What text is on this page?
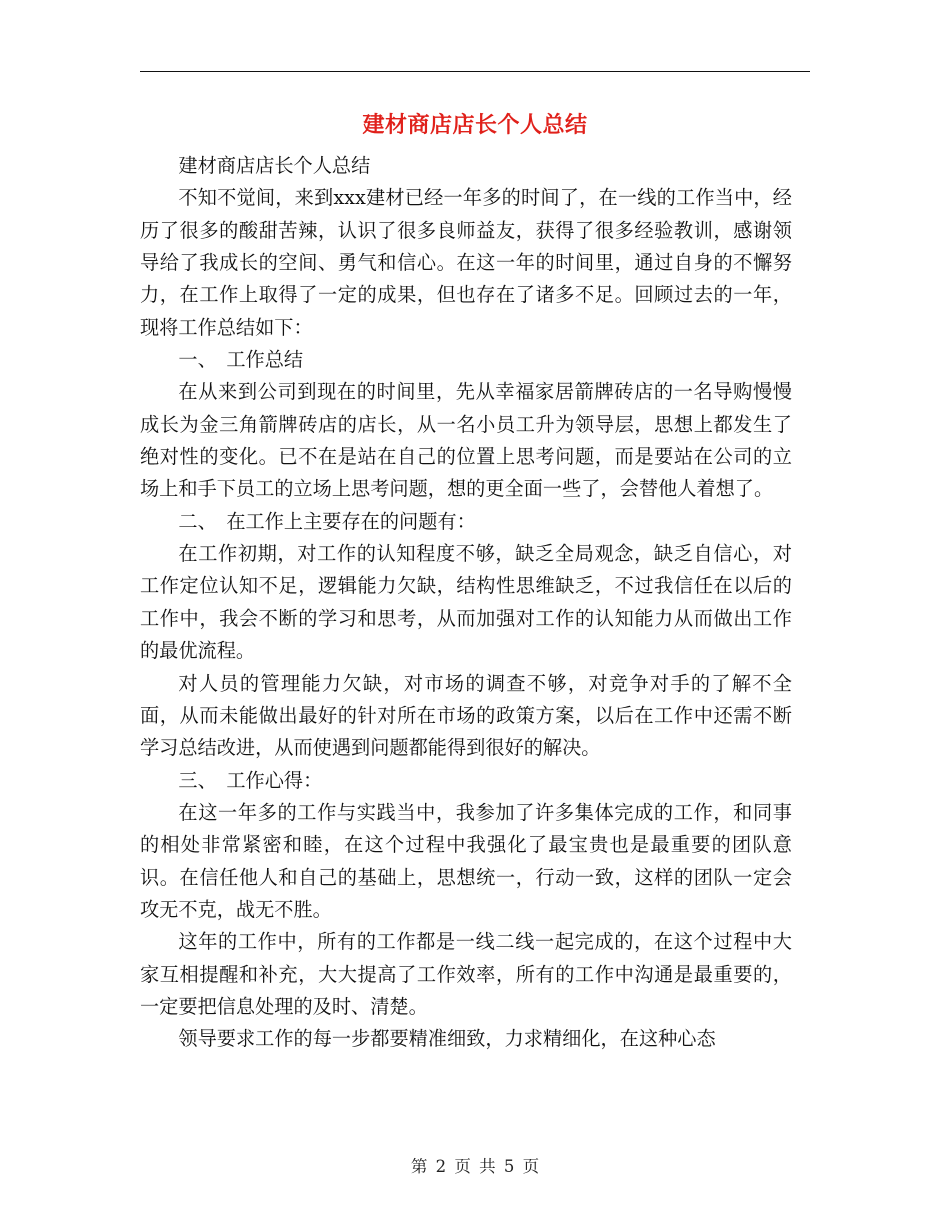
建材商店店长个人总结

建材商店店长个人总结

不知不觉间，来到xxx建材已经一年多的时间了，在一线的工作当中，经历了很多的酸甜苦辣，认识了很多良师益友，获得了很多经验教训，感谢领导给了我成长的空间、勇气和信心。在这一年的时间里，通过自身的不懈努力，在工作上取得了一定的成果，但也存在了诸多不足。回顾过去的一年，现将工作总结如下：

一、　工作总结

在从来到公司到现在的时间里，先从幸福家居箭牌砖店的一名导购慢慢成长为金三角箭牌砖店的店长，从一名小员工升为领导层，思想上都发生了绝对性的变化。已不在是站在自己的位置上思考问题，而是要站在公司的立场上和手下员工的立场上思考问题，想的更全面一些了，会替他人着想了。

二、　在工作上主要存在的问题有：

在工作初期，对工作的认知程度不够，缺乏全局观念，缺乏自信心，对工作定位认知不足，逻辑能力欠缺，结构性思维缺乏，不过我信任在以后的工作中，我会不断的学习和思考，从而加强对工作的认知能力从而做出工作的最优流程。

对人员的管理能力欠缺，对市场的调查不够，对竞争对手的了解不全面，从而未能做出最好的针对所在市场的政策方案，以后在工作中还需不断学习总结改进，从而使遇到问题都能得到很好的解决。

三、　工作心得：

在这一年多的工作与实践当中，我参加了许多集体完成的工作，和同事的相处非常紧密和睦，在这个过程中我强化了最宝贵也是最重要的团队意识。在信任他人和自己的基础上，思想统一，行动一致，这样的团队一定会攻无不克，战无不胜。

这年的工作中，所有的工作都是一线二线一起完成的，在这个过程中大家互相提醒和补充，大大提高了工作效率，所有的工作中沟通是最重要的，一定要把信息处理的及时、清楚。

领导要求工作的每一步都要精准细致，力求精细化，在这种心态

第 2 页 共 5 页
